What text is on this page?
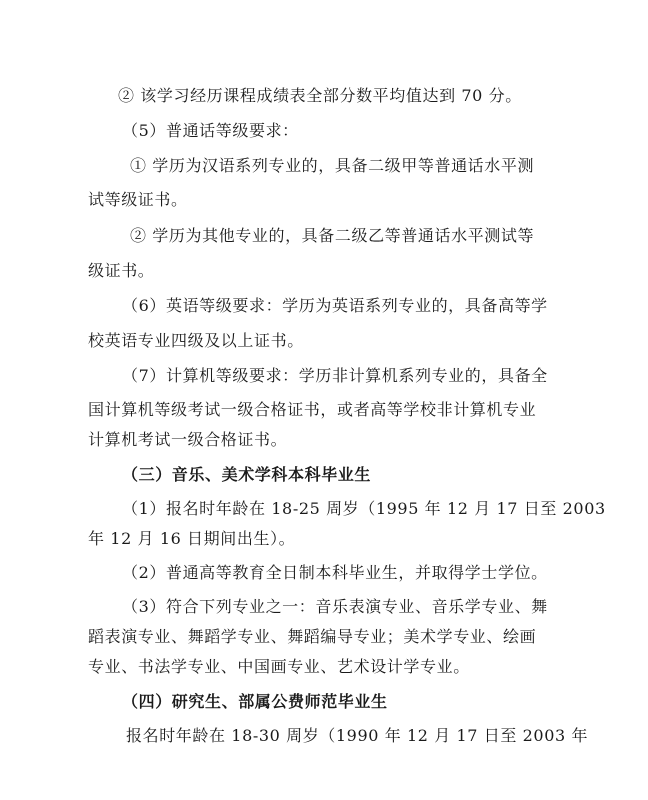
② 该学习经历课程成绩表全部分数平均值达到 70 分。
（5）普通话等级要求：
① 学历为汉语系列专业的，具备二级甲等普通话水平测
试等级证书。
② 学历为其他专业的，具备二级乙等普通话水平测试等
级证书。
（6）英语等级要求：学历为英语系列专业的，具备高等学
校英语专业四级及以上证书。
（7）计算机等级要求：学历非计算机系列专业的，具备全
国计算机等级考试一级合格证书，或者高等学校非计算机专业
计算机考试一级合格证书。
（三）音乐、美术学科本科毕业生
（1）报名时年龄在 18-25 周岁（1995 年 12 月 17 日至 2003
年 12 月 16 日期间出生）。
（2）普通高等教育全日制本科毕业生，并取得学士学位。
（3）符合下列专业之一：音乐表演专业、音乐学专业、舞
蹈表演专业、舞蹈学专业、舞蹈编导专业；美术学专业、绘画
专业、书法学专业、中国画专业、艺术设计学专业。
（四）研究生、部属公费师范毕业生
报名时年龄在 18-30 周岁（1990 年 12 月 17 日至 2003 年
